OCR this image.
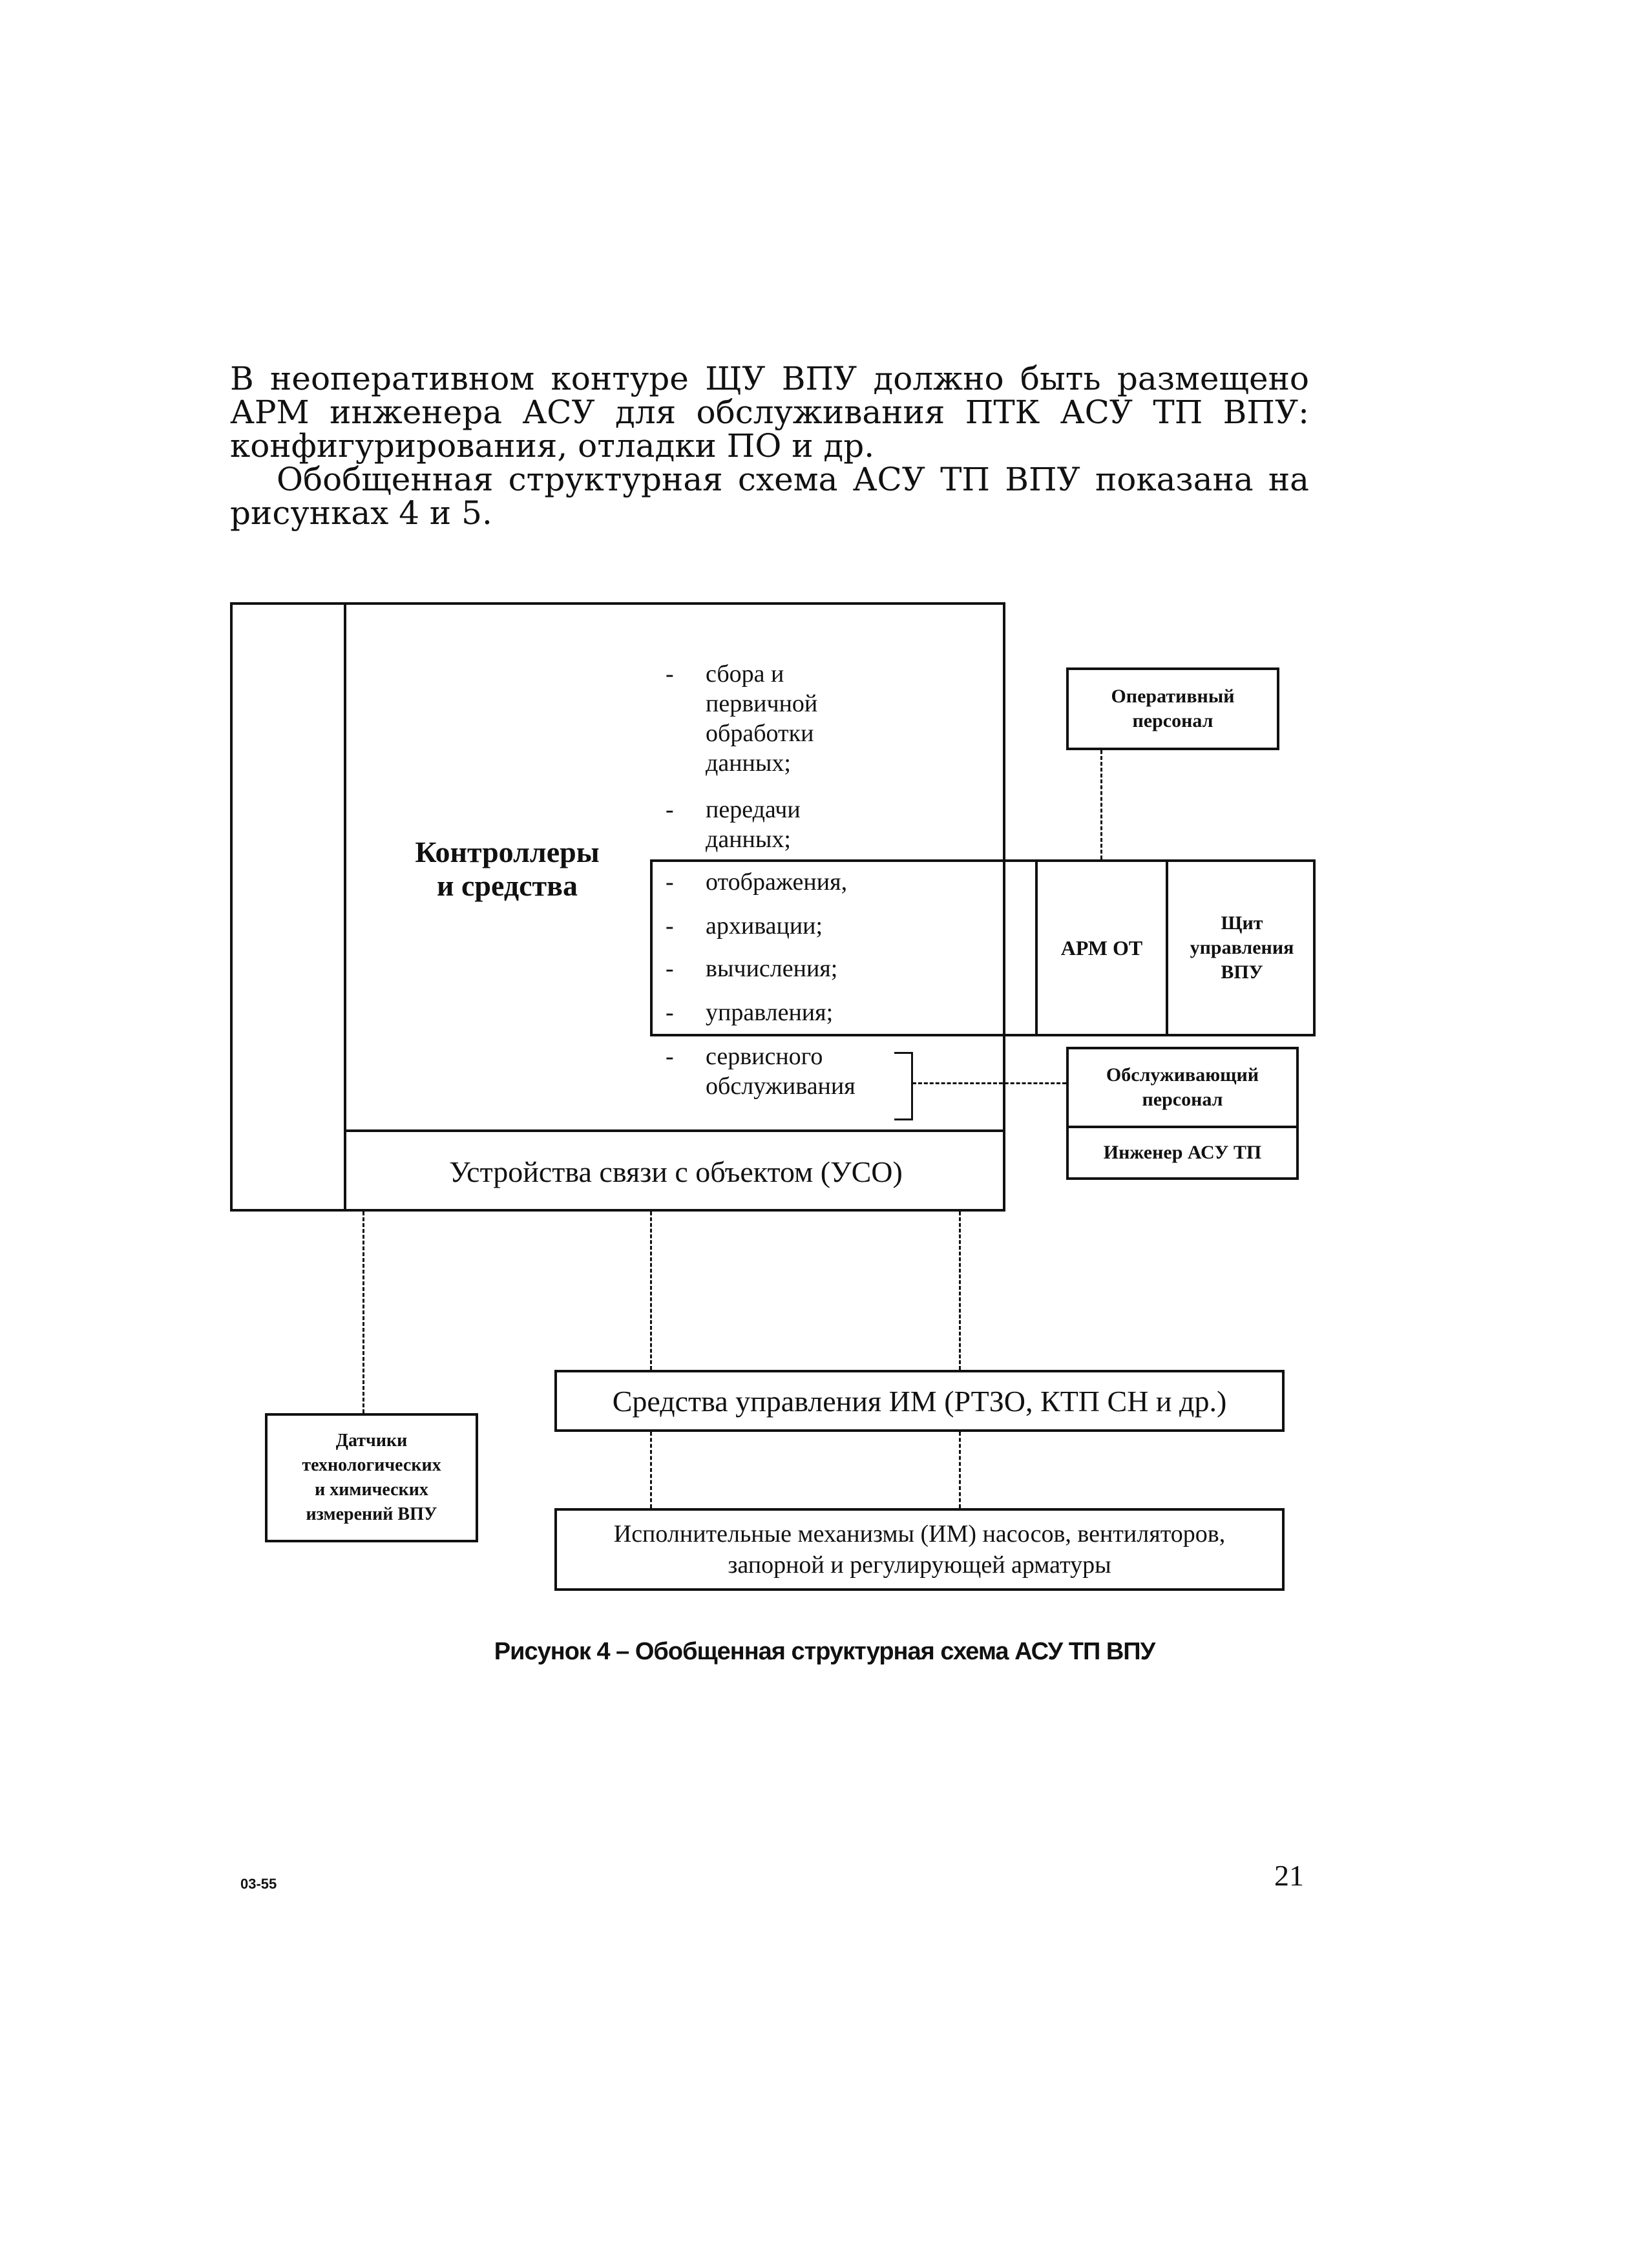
В неоперативном контуре ЩУ ВПУ должно быть размещено АРМ инженера АСУ для обслуживания ПТК АСУ ТП ВПУ: конфигурирования, отладки ПО и др.

Обобщенная структурная схема АСУ ТП ВПУ показана на рисунках 4 и 5.

Контроллеры
и средства
- сбора и
первичной
обработки
данных;
- передачи
данных;
- отображения,
- архивации;
- вычисления;
- управления;
- сервисного
обслуживания
Устройства связи с объектом (УСО)
Оперативный
персонал
АРМ ОТ
Щит
управления
ВПУ
Обслуживающий
персонал
Инженер АСУ ТП
Средства управления ИМ (РТЗО, КТП СН и др.)
Исполнительные механизмы (ИМ) насосов, вентиляторов,
запорной и регулирующей арматуры
Датчики
технологических
и химических
измерений ВПУ
Рисунок 4 – Обобщенная структурная схема АСУ ТП ВПУ
03-55	21
